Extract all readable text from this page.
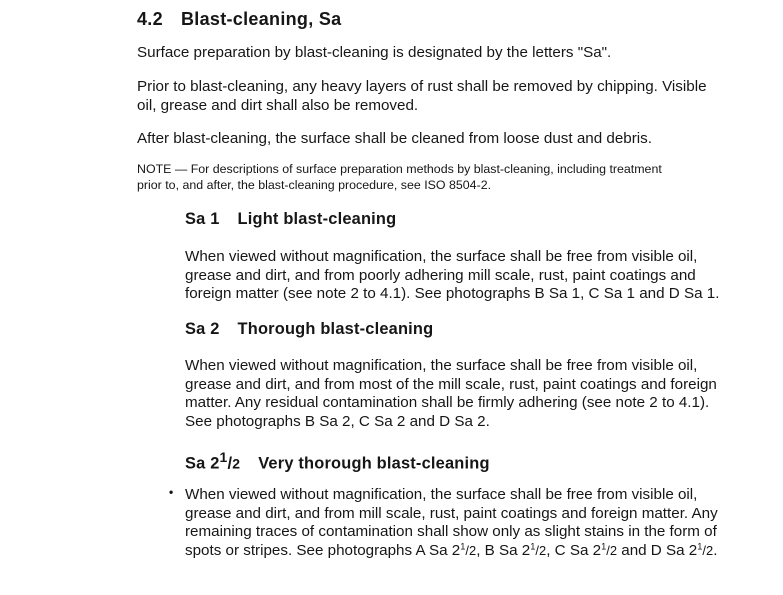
4.2 Blast-cleaning, Sa
Surface preparation by blast-cleaning is designated by the letters "Sa".
Prior to blast-cleaning, any heavy layers of rust shall be removed by chipping. Visible
oil, grease and dirt shall also be removed.
After blast-cleaning, the surface shall be cleaned from loose dust and debris.
NOTE — For descriptions of surface preparation methods by blast-cleaning, including treatment
prior to, and after, the blast-cleaning procedure, see ISO 8504-2.
Sa 1 Light blast-cleaning
When viewed without magnification, the surface shall be free from visible oil,
grease and dirt, and from poorly adhering mill scale, rust, paint coatings and
foreign matter (see note 2 to 4.1). See photographs B Sa 1, C Sa 1 and D Sa 1.
Sa 2 Thorough blast-cleaning
When viewed without magnification, the surface shall be free from visible oil,
grease and dirt, and from most of the mill scale, rust, paint coatings and foreign
matter. Any residual contamination shall be firmly adhering (see note 2 to 4.1).
See photographs B Sa 2, C Sa 2 and D Sa 2.
Sa $2^1/2$ Very thorough blast-cleaning
• When viewed without magnification, the surface shall be free from visible oil,
grease and dirt, and from mill scale, rust, paint coatings and foreign matter. Any
remaining traces of contamination shall show only as slight stains in the form of
spots or stripes. See photographs A Sa $2^1/2$, B Sa $2^1/2$, C Sa $2^1/2$ and D Sa $2^1/2$.
